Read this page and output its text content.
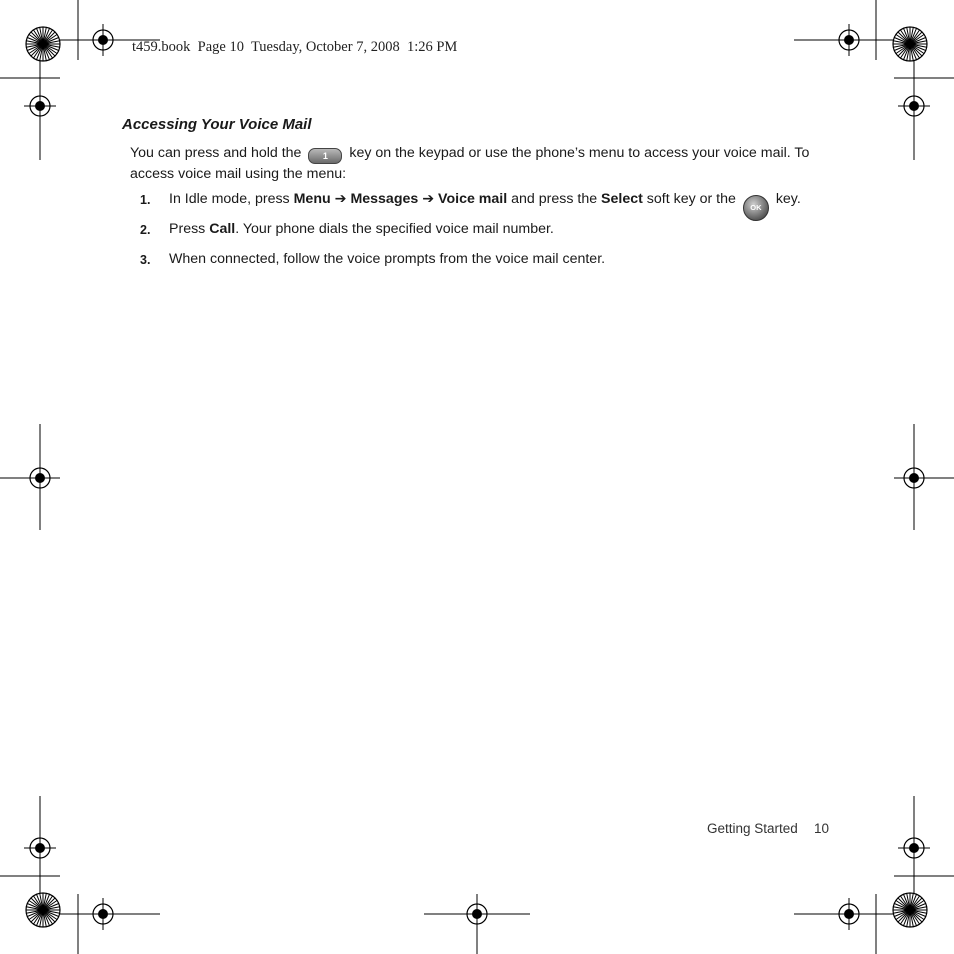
t459.book  Page 10  Tuesday, October 7, 2008  1:26 PM
Accessing Your Voice Mail

You can press and hold the 1 key on the keypad or use the phone’s menu to access your voice mail. To access voice mail using the menu:

1. In Idle mode, press Menu ➔ Messages ➔ Voice mail and press the Select soft key or the OK key.
2. Press Call. Your phone dials the specified voice mail number.
3. When connected, follow the voice prompts from the voice mail center.
Getting Started 10
